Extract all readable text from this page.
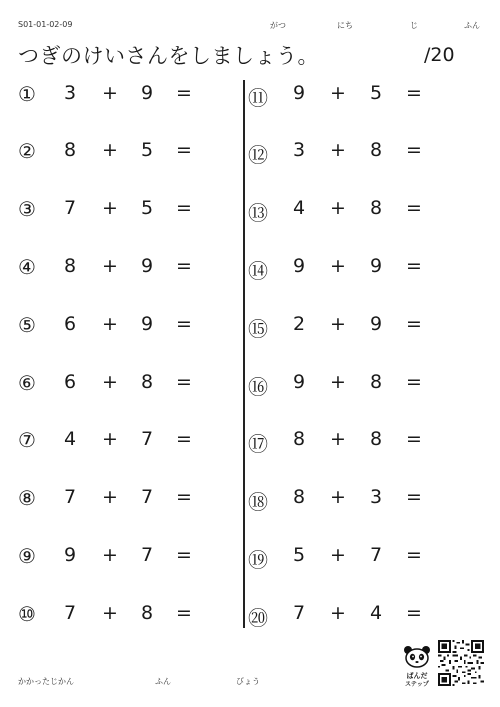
S01-01-02-09	がつ	にち	じ	ふん
つぎのけいさんをしましょう。	/20
① 3 + 9 =
② 8 + 5 =
③ 7 + 5 =
④ 8 + 9 =
⑤ 6 + 9 =
⑥ 6 + 8 =
⑦ 4 + 7 =
⑧ 7 + 7 =
⑨ 9 + 7 =
⑩ 7 + 8 =
⑪ 9 + 5 =
⑫ 3 + 8 =
⑬ 4 + 8 =
⑭ 9 + 9 =
⑮ 2 + 9 =
⑯ 9 + 8 =
⑰ 8 + 8 =
⑱ 8 + 3 =
⑲ 5 + 7 =
⑳ 7 + 4 =
かかったじかん	ふん	びょう
ぱんだ
ステップ
